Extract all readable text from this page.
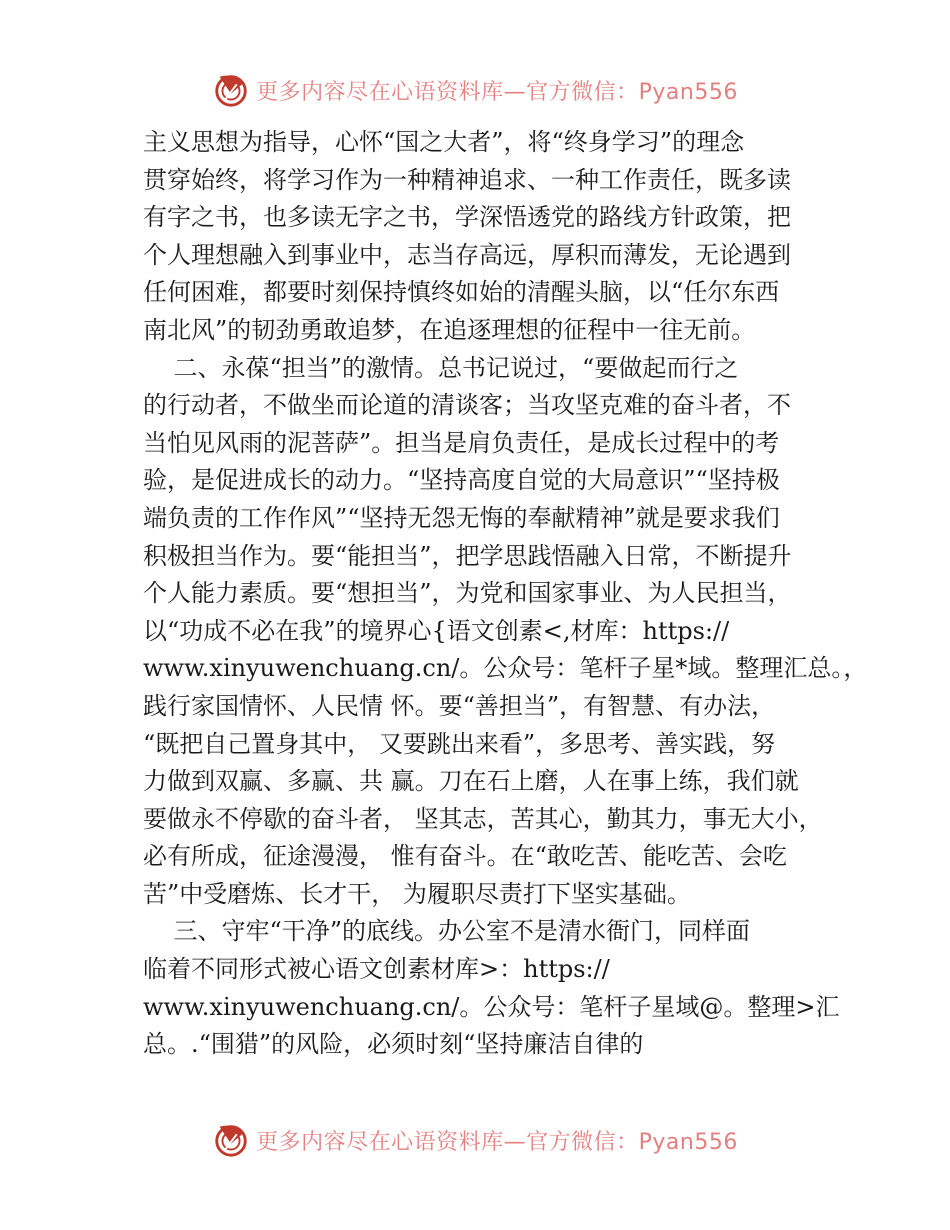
更多内容尽在心语资料库—官方微信：Pyan556
主义思想为指导，心怀“国之大者”，将“终身学习”的理念
贯穿始终，将学习作为一种精神追求、一种工作责任，既多读
有字之书，也多读无字之书，学深悟透党的路线方针政策，把
个人理想融入到事业中，志当存高远，厚积而薄发，无论遇到
任何困难，都要时刻保持慎终如始的清醒头脑，以“任尔东西
南北风”的韧劲勇敢追梦，在追逐理想的征程中一往无前。
二、永葆“担当”的激情。总书记说过，“要做起而行之
的行动者，不做坐而论道的清谈客；当攻坚克难的奋斗者，不
当怕见风雨的泥菩萨”。担当是肩负责任，是成长过程中的考
验，是促进成长的动力。“坚持高度自觉的大局意识”“坚持极
端负责的工作作风”“坚持无怨无悔的奉献精神”就是要求我们
积极担当作为。要“能担当”，把学思践悟融入日常，不断提升
个人能力素质。要“想担当”，为党和国家事业、为人民担当，
以“功成不必在我”的境界心{语文创素<,材库：https://
www.xinyuwenchuang.cn/。公众号：笔杆子星*域。整理汇总。，
践行家国情怀、人民情 怀。要“善担当”，有智慧、有办法，
“既把自己置身其中， 又要跳出来看”，多思考、善实践，努
力做到双赢、多赢、共 赢。刀在石上磨，人在事上练，我们就
要做永不停歇的奋斗者， 坚其志，苦其心，勤其力，事无大小，
必有所成，征途漫漫， 惟有奋斗。在“敢吃苦、能吃苦、会吃
苦”中受磨炼、长才干， 为履职尽责打下坚实基础。
三、守牢“干净”的底线。办公室不是清水衙门，同样面
临着不同形式被心语文创素材库>：https://
www.xinyuwenchuang.cn/。公众号：笔杆子星域@。整理>汇
总。.“围猎”的风险，必须时刻“坚持廉洁自律的
更多内容尽在心语资料库—官方微信：Pyan556
